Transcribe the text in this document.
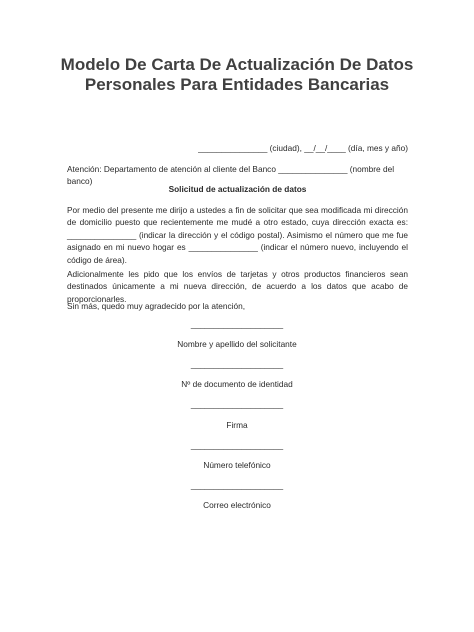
Modelo De Carta De Actualización De Datos
Personales Para Entidades Bancarias
_______________ (ciudad), __/__/____ (día, mes y año)
Atención: Departamento de atención al cliente del Banco _______________ (nombre del banco)
Solicitud de actualización de datos
Por medio del presente me dirijo a ustedes a fin de solicitar que sea modificada mi dirección de domicilio puesto que recientemente me mudé a otro estado, cuya dirección exacta es: _______________ (indicar la dirección y el código postal). Asimismo el número que me fue asignado en mi nuevo hogar es _______________ (indicar el número nuevo, incluyendo el código de área).
Adicionalmente les pido que los envíos de tarjetas y otros productos financieros sean destinados únicamente a mi nueva dirección, de acuerdo a los datos que acabo de proporcionarles.
Sin más, quedo muy agradecido por la atención,
____________________
Nombre y apellido del solicitante
____________________
Nº de documento de identidad
____________________
Firma
____________________
Número telefónico
____________________
Correo electrónico
